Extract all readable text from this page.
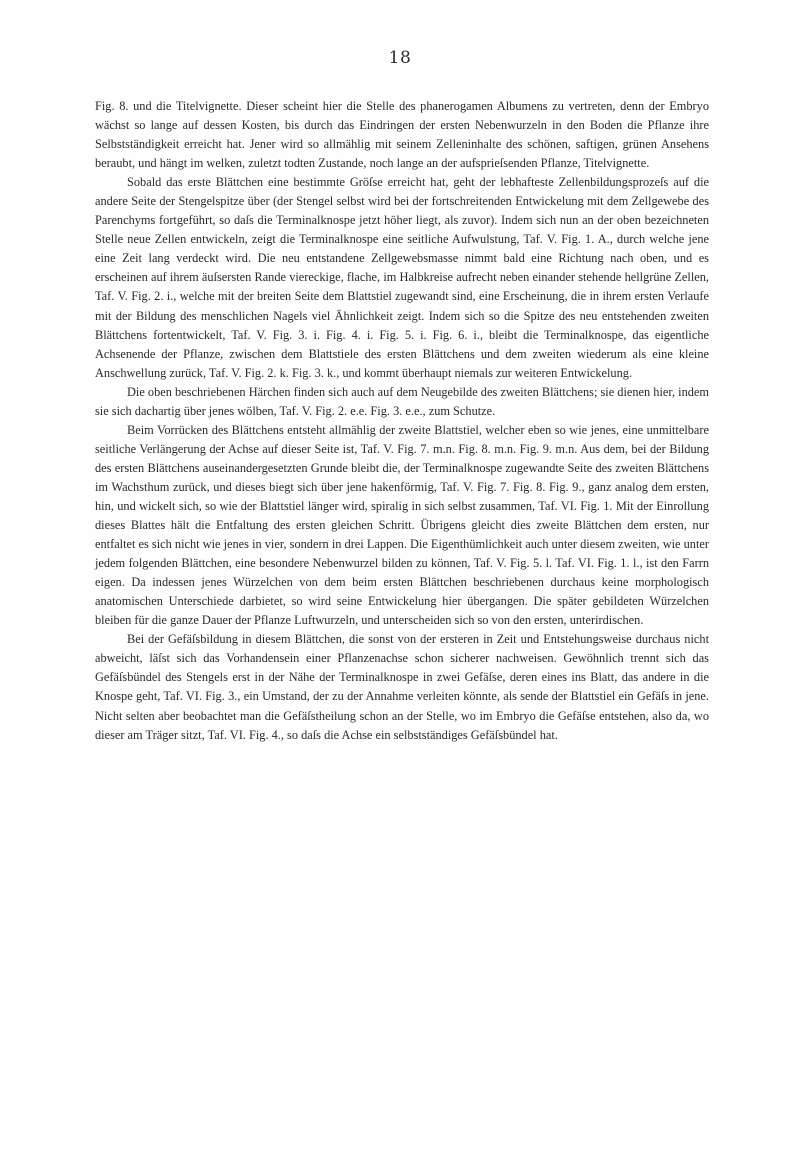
18

Fig. 8. und die Titelvignette. Dieser scheint hier die Stelle des phanerogamen Albumens zu vertreten, denn der Embryo wächst so lange auf dessen Kosten, bis durch das Eindringen der ersten Nebenwurzeln in den Boden die Pflanze ihre Selbstständigkeit erreicht hat. Jener wird so allmählig mit seinem Zelleninhalte des schönen, saftigen, grünen Ansehens beraubt, und hängt im welken, zuletzt todten Zustande, noch lange an der aufsprieſsenden Pflanze, Titelvignette.

Sobald das erste Blättchen eine bestimmte Gröſse erreicht hat, geht der lebhafteste Zellenbildungsprozeſs auf die andere Seite der Stengelspitze über (der Stengel selbst wird bei der fortschreitenden Entwickelung mit dem Zellgewebe des Parenchyms fortgeführt, so daſs die Terminalknospe jetzt höher liegt, als zuvor). Indem sich nun an der oben bezeichneten Stelle neue Zellen entwickeln, zeigt die Terminalknospe eine seitliche Aufwulstung, Taf. V. Fig. 1. A., durch welche jene eine Zeit lang verdeckt wird. Die neu entstandene Zellgewebsmasse nimmt bald eine Richtung nach oben, und es erscheinen auf ihrem äuſsersten Rande viereckige, flache, im Halbkreise aufrecht neben einander stehende hellgrüne Zellen, Taf. V. Fig. 2. i., welche mit der breiten Seite dem Blattstiel zugewandt sind, eine Erscheinung, die in ihrem ersten Verlaufe mit der Bildung des menschlichen Nagels viel Ähnlichkeit zeigt. Indem sich so die Spitze des neu entstehenden zweiten Blättchens fortentwickelt, Taf. V. Fig. 3. i. Fig. 4. i. Fig. 5. i. Fig. 6. i., bleibt die Terminalknospe, das eigentliche Achsenende der Pflanze, zwischen dem Blattstiele des ersten Blättchens und dem zweiten wiederum als eine kleine Anschwellung zurück, Taf. V. Fig. 2. k. Fig. 3. k., und kommt überhaupt niemals zur weiteren Entwickelung.

Die oben beschriebenen Härchen finden sich auch auf dem Neugebilde des zweiten Blättchens; sie dienen hier, indem sie sich dachartig über jenes wölben, Taf. V. Fig. 2. e.e. Fig. 3. e.e., zum Schutze.

Beim Vorrücken des Blättchens entsteht allmählig der zweite Blattstiel, welcher eben so wie jenes, eine unmittelbare seitliche Verlängerung der Achse auf dieser Seite ist, Taf. V. Fig. 7. m.n. Fig. 8. m.n. Fig. 9. m.n. Aus dem, bei der Bildung des ersten Blättchens auseinandergesetzten Grunde bleibt die, der Terminalknospe zugewandte Seite des zweiten Blättchens im Wachsthum zurück, und dieses biegt sich über jene hakenförmig, Taf. V. Fig. 7. Fig. 8. Fig. 9., ganz analog dem ersten, hin, und wickelt sich, so wie der Blattstiel länger wird, spiralig in sich selbst zusammen, Taf. VI. Fig. 1. Mit der Einrollung dieses Blattes hält die Entfaltung des ersten gleichen Schritt. Übrigens gleicht dies zweite Blättchen dem ersten, nur entfaltet es sich nicht wie jenes in vier, sondern in drei Lappen. Die Eigenthümlichkeit auch unter diesem zweiten, wie unter jedem folgenden Blättchen, eine besondere Nebenwurzel bilden zu können, Taf. V. Fig. 5. l. Taf. VI. Fig. 1. l., ist den Farrn eigen. Da indessen jenes Würzelchen von dem beim ersten Blättchen beschriebenen durchaus keine morphologisch anatomischen Unterschiede darbietet, so wird seine Entwickelung hier übergangen. Die später gebildeten Würzelchen bleiben für die ganze Dauer der Pflanze Luftwurzeln, und unterscheiden sich so von den ersten, unterirdischen.

Bei der Gefäſsbildung in diesem Blättchen, die sonst von der ersteren in Zeit und Entstehungsweise durchaus nicht abweicht, läſst sich das Vorhandensein einer Pflanzenachse schon sicherer nachweisen. Gewöhnlich trennt sich das Gefäſsbündel des Stengels erst in der Nähe der Terminalknospe in zwei Gefäſse, deren eines ins Blatt, das andere in die Knospe geht, Taf. VI. Fig. 3., ein Umstand, der zu der Annahme verleiten könnte, als sende der Blattstiel ein Gefäſs in jene. Nicht selten aber beobachtet man die Gefäſstheilung schon an der Stelle, wo im Embryo die Gefäſse entstehen, also da, wo dieser am Träger sitzt, Taf. VI. Fig. 4., so daſs die Achse ein selbstständiges Gefäſsbündel hat.
